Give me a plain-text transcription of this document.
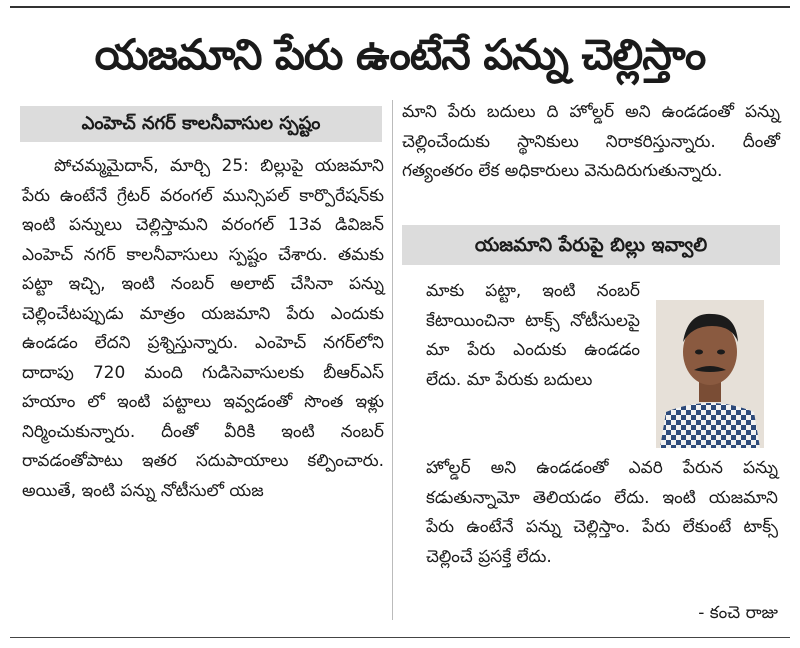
యజమాని పేరు ఉంటేనే పన్ను చెల్లిస్తాం
ఎంహెచ్ నగర్ కాలనీవాసుల స్పష్టం

పోచమ్మమైదాన్, మార్చి 25: బిల్లుపై యజమాని పేరు ఉంటేనే గ్రేటర్ వరంగల్ మున్సిపల్ కార్పొరేషన్‌కు ఇంటి పన్నులు చెల్లిస్తామని వరంగల్ 13వ డివిజన్ ఎంహెచ్ నగర్ కాలనీవాసులు స్పష్టం చేశారు. తమకు పట్టా ఇచ్చి, ఇంటి నంబర్ అలాట్ చేసినా పన్ను చెల్లించేటప్పుడు మాత్రం యజమాని పేరు ఎందుకు ఉండడం లేదని ప్రశ్నిస్తున్నారు. ఎంహెచ్ నగర్‌లోని దాదాపు 720 మంది గుడిసెవాసులకు బీఆర్ఎస్ హయాం లో ఇంటి పట్టాలు ఇవ్వడంతో సొంత ఇళ్లు నిర్మించుకున్నారు. దీంతో వీరికి ఇంటి నంబర్ రావడంతోపాటు ఇతర సదుపాయాలు కల్పించారు. అయితే, ఇంటి పన్ను నోటీసులో యజ

మాని పేరు బదులు ది హోల్డర్ అని ఉండడంతో పన్ను చెల్లించేందుకు స్థానికులు నిరాకరిస్తున్నారు. దీంతో గత్యంతరం లేక అధికారులు వెనుదిరుగుతున్నారు.

యజమాని పేరుపై బిల్లు ఇవ్వాలి
మాకు పట్టా, ఇంటి నంబర్ కేటాయించినా టాక్స్ నోటీసులపై మా పేరు ఎందుకు ఉండడం లేదు. మా పేరుకు బదులు
హోల్డర్ అని ఉండడంతో ఎవరి పేరున పన్ను కడుతున్నామో తెలియడం లేదు. ఇంటి యజమాని పేరు ఉంటేనే పన్ను చెల్లిస్తాం. పేరు లేకుంటే టాక్స్ చెల్లించే ప్రసక్తే లేదు.
- కంచె రాజు
